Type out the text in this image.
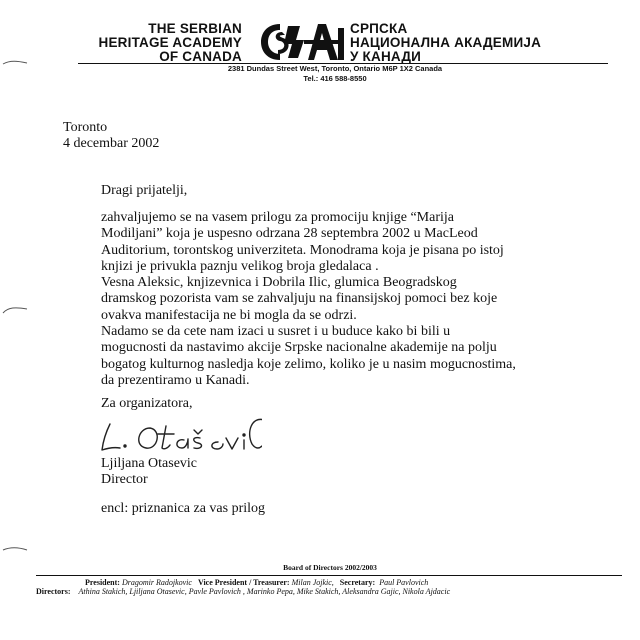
THE SERBIAN
HERITAGE ACADEMY
OF CANADA
СРПСКА
НАЦИОНАЛНА АКАДЕМИЈА
У КАНАДИ
2381 Dundas Street West, Toronto, Ontario M6P 1X2 Canada
Tel.: 416 588-8550
Toronto
4 decembar 2002
Dragi prijatelji,
zahvaljujemo se na vasem prilogu za promociju knjige “Marija
Modiljani” koja je uspesno odrzana 28 septembra 2002 u MacLeod
Auditorium, torontskog univerziteta. Monodrama koja je pisana po istoj
knjizi je privukla paznju velikog broja gledalaca .
Vesna Aleksic, knjizevnica i Dobrila Ilic, glumica Beogradskog
dramskog pozorista vam se zahvaljuju na finansijskoj pomoci bez koje
ovakva manifestacija ne bi mogla da se odrzi.
Nadamo se da cete nam izaci u susret i u buduce kako bi bili u
mogucnosti da nastavimo akcije Srpske nacionalne akademije na polju
bogatog kulturnog nasledja koje zelimo, koliko je u nasim mogucnostima,
da prezentiramo u Kanadi.
Za organizatora,
Ljiljana Otasevic
Director
encl: priznanica za vas prilog
Board of Directors 2002/2003
President: Dragomir Radojkovic Vice President / Treasurer: Milan Jojkic, Secretary: Paul Pavlovich
Directors: Athina Stakich, Ljiljana Otasevic, Pavle Pavlovich , Marinko Pepa, Mike Stakich, Aleksandra Gajic, Nikola Ajdacic
